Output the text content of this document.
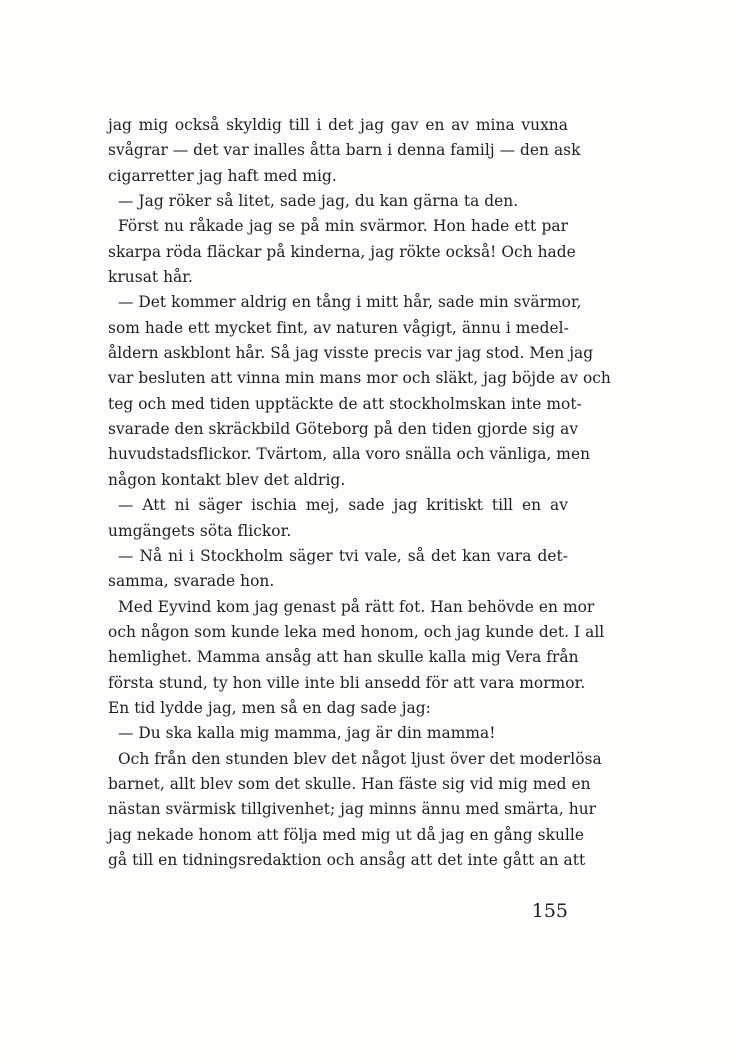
jag mig också skyldig till i det jag gav en av mina vuxna
svågrar — det var inalles åtta barn i denna familj — den ask
cigarretter jag haft med mig.
— Jag röker så litet, sade jag, du kan gärna ta den.
Först nu råkade jag se på min svärmor. Hon hade ett par
skarpa röda fläckar på kinderna, jag rökte också! Och hade
krusat hår.
— Det kommer aldrig en tång i mitt hår, sade min svärmor,
som hade ett mycket fint, av naturen vågigt, ännu i medel-
åldern askblont hår. Så jag visste precis var jag stod. Men jag
var besluten att vinna min mans mor och släkt, jag böjde av och
teg och med tiden upptäckte de att stockholmskan inte mot-
svarade den skräckbild Göteborg på den tiden gjorde sig av
huvudstadsflickor. Tvärtom, alla voro snälla och vänliga, men
någon kontakt blev det aldrig.
— Att ni säger ischia mej, sade jag kritiskt till en av
umgängets söta flickor.
— Nå ni i Stockholm säger tvi vale, så det kan vara det-
samma, svarade hon.
Med Eyvind kom jag genast på rätt fot. Han behövde en mor
och någon som kunde leka med honom, och jag kunde det. I all
hemlighet. Mamma ansåg att han skulle kalla mig Vera från
första stund, ty hon ville inte bli ansedd för att vara mormor.
En tid lydde jag, men så en dag sade jag:
— Du ska kalla mig mamma, jag är din mamma!
Och från den stunden blev det något ljust över det moderlösa
barnet, allt blev som det skulle. Han fäste sig vid mig med en
nästan svärmisk tillgivenhet; jag minns ännu med smärta, hur
jag nekade honom att följa med mig ut då jag en gång skulle
gå till en tidningsredaktion och ansåg att det inte gått an att
155
